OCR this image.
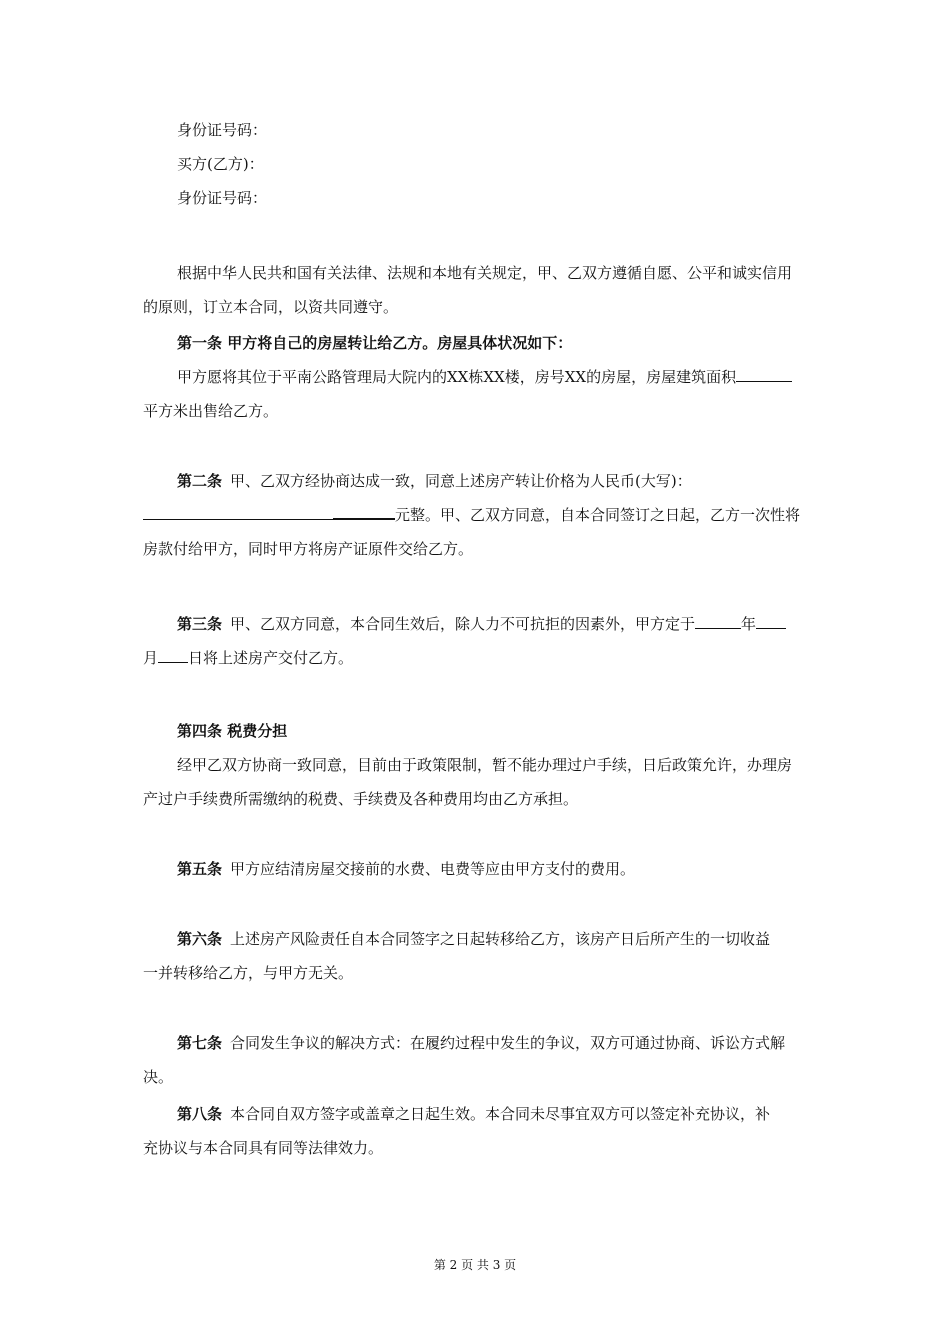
身份证号码：
买方(乙方)：
身份证号码：
根据中华人民共和国有关法律、法规和本地有关规定，甲、乙双方遵循自愿、公平和诚实信用
的原则，订立本合同，以资共同遵守。
第一条 甲方将自己的房屋转让给乙方。房屋具体状况如下：
甲方愿将其位于平南公路管理局大院内的XX栋XX楼，房号XX的房屋，房屋建筑面积
平方米出售给乙方。
第二条 甲、乙双方经协商达成一致，同意上述房产转让价格为人民币(大写)：
元整。甲、乙双方同意，自本合同签订之日起，乙方一次性将
房款付给甲方，同时甲方将房产证原件交给乙方。
第三条 甲、乙双方同意，本合同生效后，除人力不可抗拒的因素外，甲方定于	年
月 日将上述房产交付乙方。
第四条 税费分担
经甲乙双方协商一致同意，目前由于政策限制，暂不能办理过户手续，日后政策允许，办理房
产过户手续费所需缴纳的税费、手续费及各种费用均由乙方承担。
第五条 甲方应结清房屋交接前的水费、电费等应由甲方支付的费用。
第六条 上述房产风险责任自本合同签字之日起转移给乙方，该房产日后所产生的一切收益
一并转移给乙方，与甲方无关。
第七条 合同发生争议的解决方式：在履约过程中发生的争议，双方可通过协商、诉讼方式解
决。
第八条 本合同自双方签字或盖章之日起生效。本合同未尽事宜双方可以签定补充协议，补
充协议与本合同具有同等法律效力。
第 2 页 共 3 页
